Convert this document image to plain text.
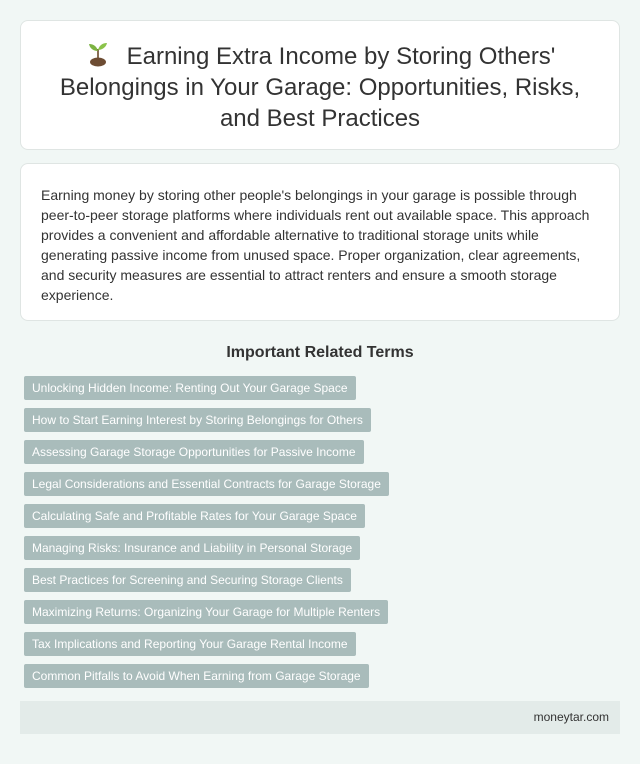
Earning Extra Income by Storing Others' Belongings in Your Garage: Opportunities, Risks, and Best Practices

Earning money by storing other people's belongings in your garage is possible through peer-to-peer storage platforms where individuals rent out available space. This approach provides a convenient and affordable alternative to traditional storage units while generating passive income from unused space. Proper organization, clear agreements, and security measures are essential to attract renters and ensure a smooth storage experience.

Important Related Terms
Unlocking Hidden Income: Renting Out Your Garage Space
How to Start Earning Interest by Storing Belongings for Others
Assessing Garage Storage Opportunities for Passive Income
Legal Considerations and Essential Contracts for Garage Storage
Calculating Safe and Profitable Rates for Your Garage Space
Managing Risks: Insurance and Liability in Personal Storage
Best Practices for Screening and Securing Storage Clients
Maximizing Returns: Organizing Your Garage for Multiple Renters
Tax Implications and Reporting Your Garage Rental Income
Common Pitfalls to Avoid When Earning from Garage Storage
moneytar.com
